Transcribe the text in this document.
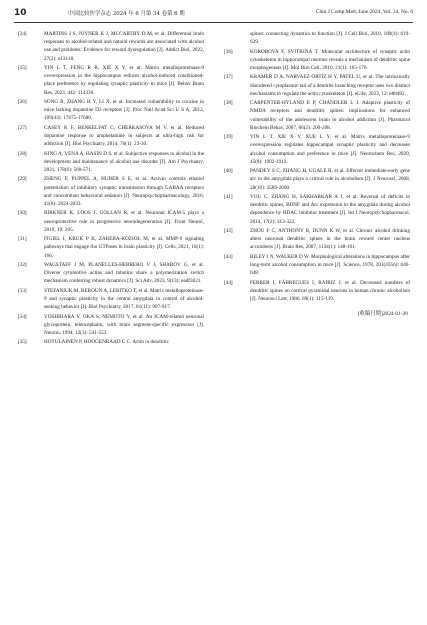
10	中国比较医学杂志 2024 年 6 月第 34 卷第 6 期	Chin J Comp Med, June 2024, Vol. 34, No. 6
[24]	MARTINS J S, JOYNER K J, MCCARTHY D M, et al. Differential brain responses to alcohol-related and natural rewards are associated with alcohol use and problems: Evidence for reward dysregulation [J]. Addict Biol, 2022, 27(2): e13118.
[25]	YIN L T, FENG R R, XIE X Y, et al. Matrix metalloproteinase-9 overexpression in the hippocampus reduces alcohol-induced conditioned-place preference by regulating synaptic plasticity in mice [J]. Behav Brain Res, 2023, 442: 114330.
[26]	SONG R, ZHANG H Y, LI X, et al. Increased vulnerability to cocaine in mice lacking dopamine D3 receptors [J]. Proc Natl Acad Sci U S A, 2012, 109(43): 17675-17680.
[27]	CASEY K F, BENKELFAT C, CHERKASOVA M V, et al. Reduced dopamine response to amphetamine in subjects at ultra-high risk for addiction [J]. Biol Psychiatry, 2014, 76(1): 23-30.
[28]	KING A, VENA A, HASIN D S, et al. Subjective responses to alcohol in the development and maintenance of alcohol use disorder [J]. Am J Psychiatry, 2021, 178(6): 560-571.
[29]	ZHENG F, PUPPEL A, HUBER S E, et al. Activin controls ethanol potentiation of inhibitory synaptic transmission through GABAA receptors and concomitant behavioral sedation [J]. Neuropsychopharmacology, 2016, 41(8): 2024-2033.
[30]	BIRKNER K, LOOS J, GOLLAN R, et al. Neuronal ICAM-5 plays a neuroprotective role in progressive neurodegeneration [J]. Front Neurol, 2019, 10: 205.
[31]	FIGIEL I, KRUK P K, ZAREBA-KOZIOŁ M, et al. MMP-9 signaling pathways that engage rho GTPases in brain plasticity [J]. Cells, 2021, 10(1): 166.
[32]	WAGSTAFF J M, PLANELLES-HERRERO V J, SHAROV G, et al. Diverse cytomotive actins and tubulins share a polymerization switch mechanism conferring robust dynamics [J]. Sci Adv, 2023, 9(13): eadf3021.
[33]	STEFANIUK M, BEROUN A, LEBITKO T, et al. Matrix metalloproteinase-9 and synaptic plasticity in the central amygdala in control of alcohol-seeking behavior [J]. Biol Psychiatry, 2017, 81(11): 907-917.
[34]	YOSHIHARA Y, OKA S, NEMOTO Y, et al. An ICAM-related neuronal glycoprotein, telencephalin, with brain segment-specific expression [J]. Neuron, 1994, 12(3): 541-553.
[35]	HOTULAINEN P, HOOGENRAAD C C. Actin in dendritic
spines: connecting dynamics to function [J]. J Cell Biol, 2010, 189(4): 619-629.
[36]	KOROBOVA F, SVITKINA T. Molecular architecture of synaptic actin cytoskeleton in hippocampal neurons reveals a mechanism of dendritic spine morphogenesis [J]. Mol Biol Cell, 2010, 21(1): 165-176.
[37]	KRAMER D A, NARVAEZ-ORTIZ H Y, PATEL U, et al. The intrinsically disordered cytoplasmic tail of a dendrite branching receptor uses two distinct mechanisms to regulate the actin cytoskeleton [J]. eLife, 2023, 12: e88492.
[38]	CARPENTER-HYLAND E P, CHANDLER L J. Adaptive plasticity of NMDA receptors and dendritic spines: implications for enhanced vulnerability of the adolescent brain to alcohol addiction [J]. Pharmacol Biochem Behav, 2007, 86(2): 200-208.
[39]	YIN L T, XIE X Y, XUE L Y, et al. Matrix metalloproteinase-9 overexpression regulates hippocampal synaptic plasticity and decreases alcohol consumption and preference in mice [J]. Neurochem Res, 2020, 45(8): 1902-1912.
[40]	PANDEY S C, ZHANG H, UGALE R, et al. Effector immediate-early gene arc in the amygdala plays a critical role in alcoholism [J]. J Neurosci, 2008, 28(10): 2589-2600.
[41]	YOU C, ZHANG H, SAKHARKAR A J, et al. Reversal of deficits in dendritic spines, BDNF and Arc expression in the amygdala during alcohol dependence by HDAC inhibitor treatment [J]. Int J Neuropsychopharmacol, 2014, 17(2): 313-322.
[42]	ZHOU F C, ANTHONY B, DUNN K W, et al. Chronic alcohol drinking alters neuronal dendritic spines in the brain reward center nucleus accumbens [J]. Brain Res, 2007, 1134(1): 148-161.
[43]	RILEY J N, WALKER D W. Morphological alterations in hippocampus after long-term alcohol consumption in mice [J]. Science, 1978, 201(4356): 646-648.
[44]	FERRER I, FÀBREGUES I, RAIRIZ J, et al. Decreased numbers of dendritic spines on cortical pyramidal neurons in human chronic alcoholism [J]. Neurosci Lett, 1986, 69(1): 115-119.
[收稿日期]2024-01-20
